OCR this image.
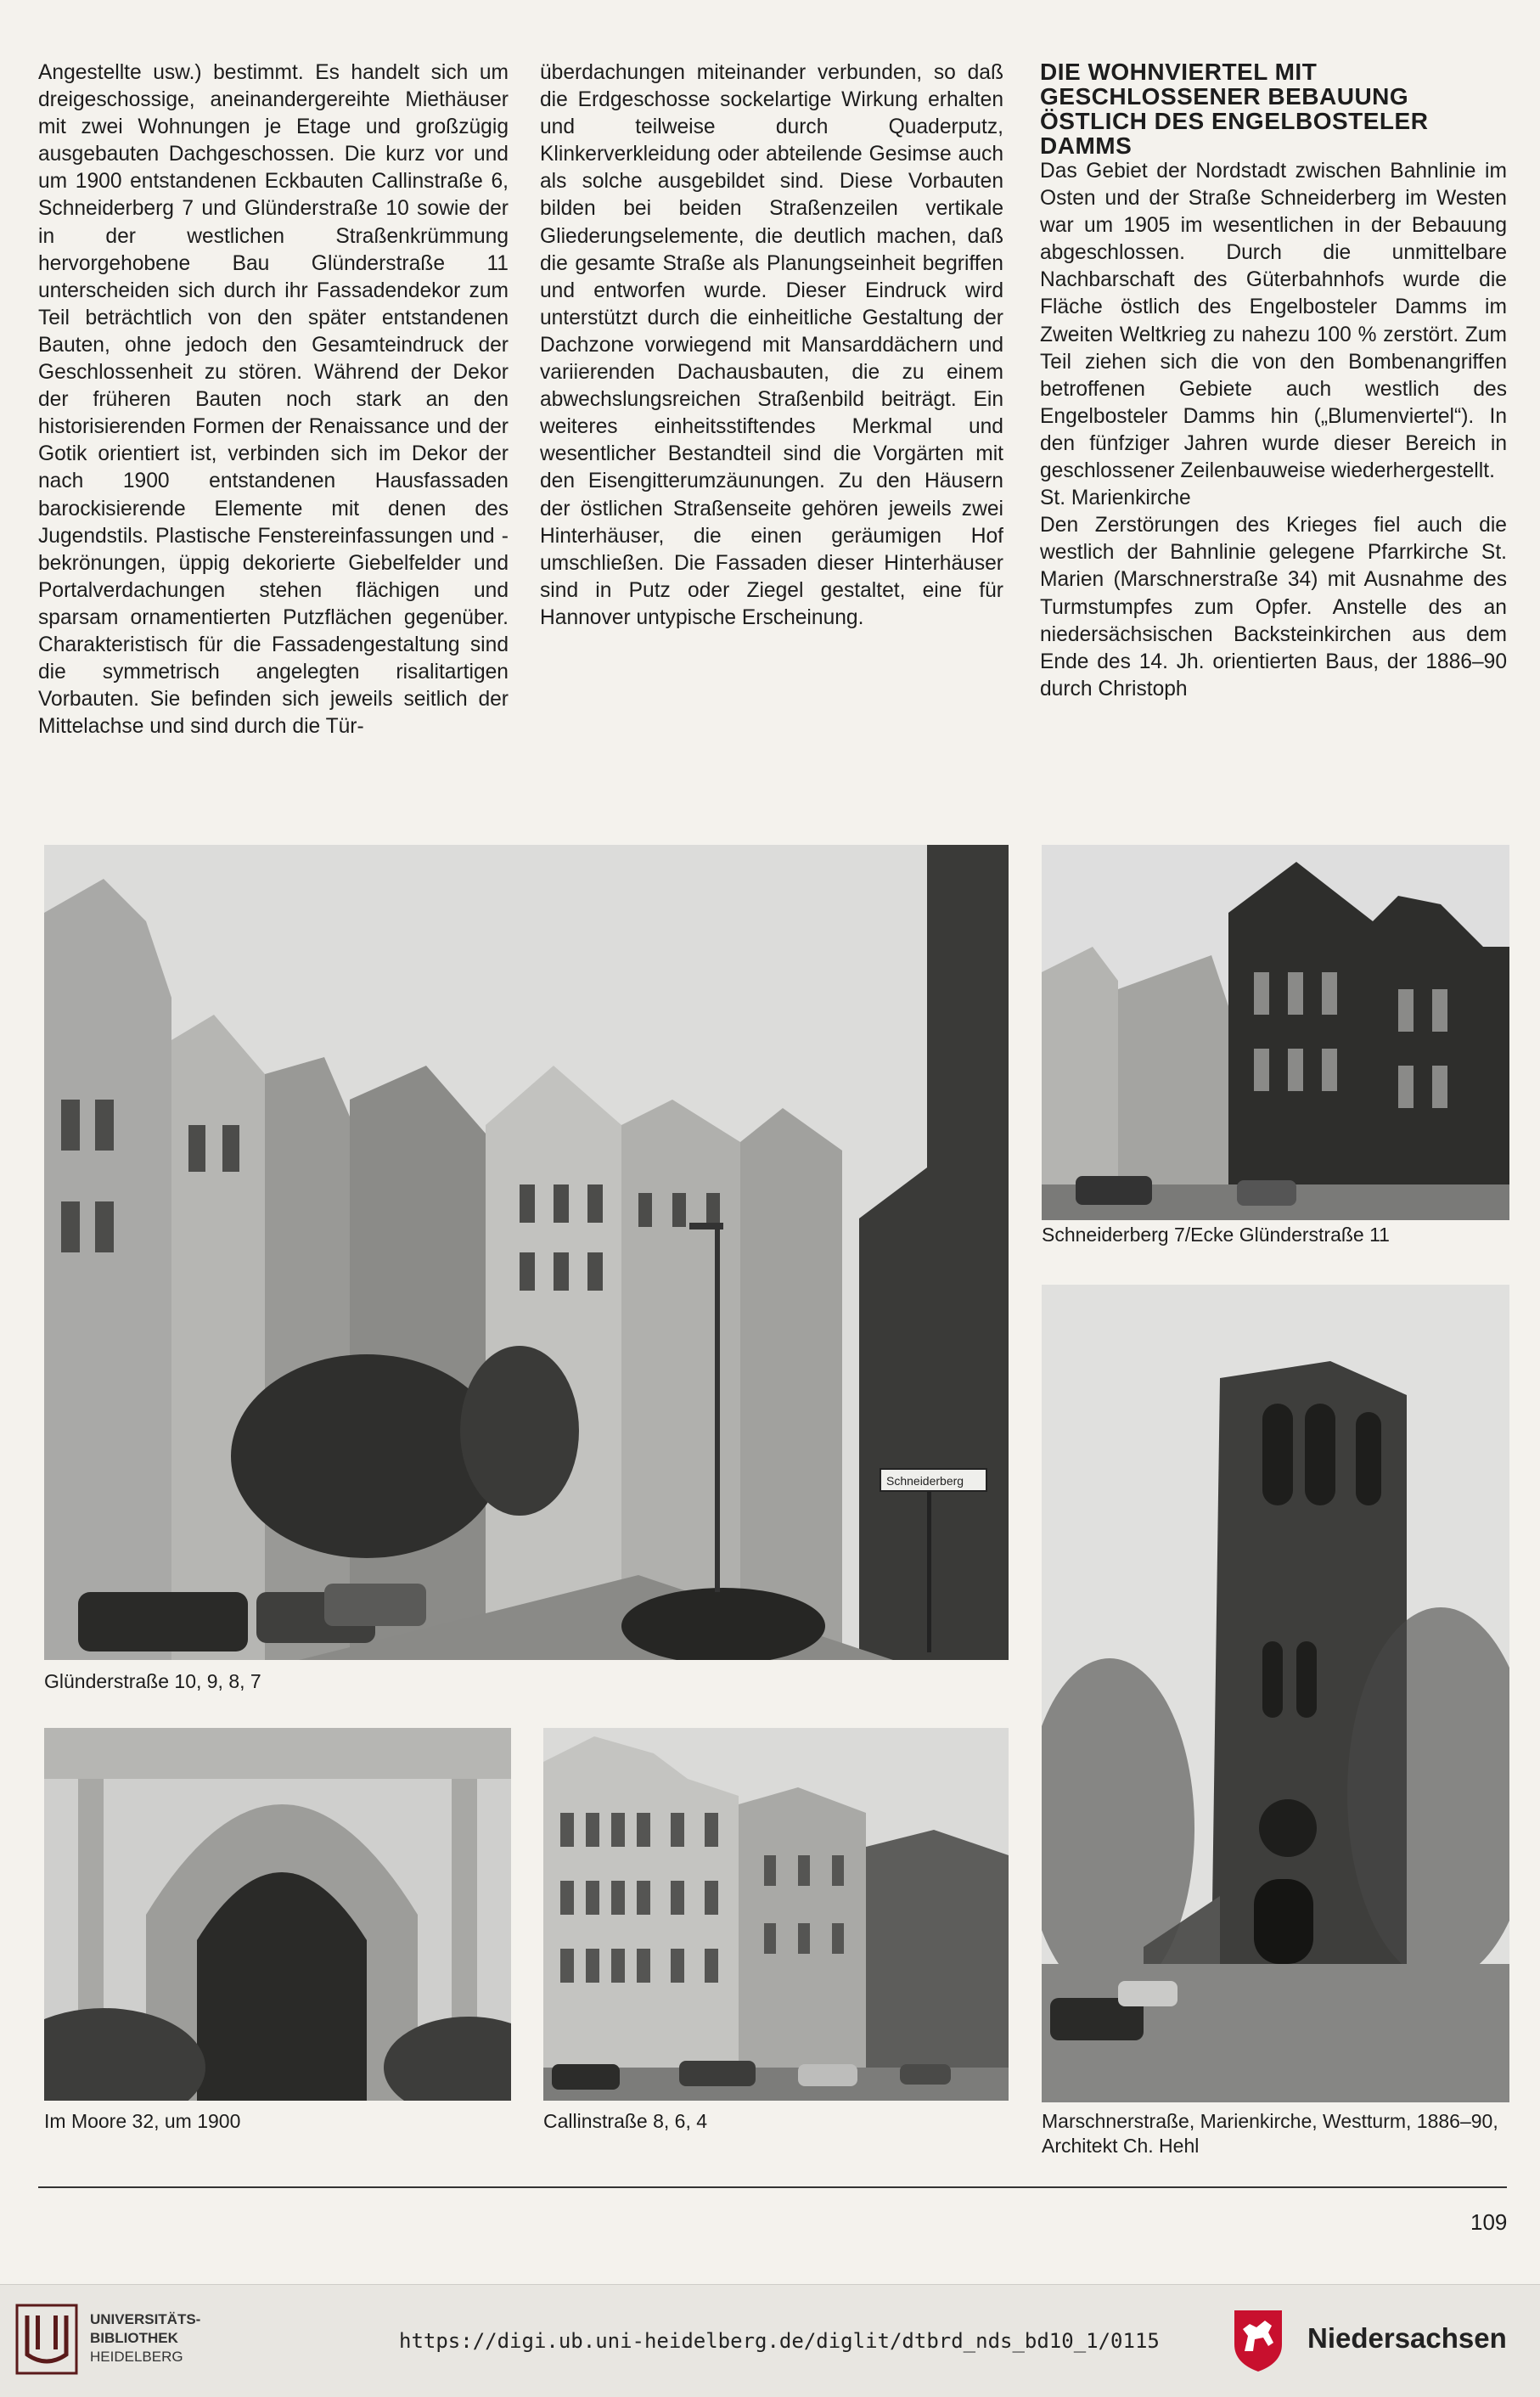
Angestellte usw.) bestimmt. Es handelt sich um dreigeschossige, aneinandergereihte Miethäuser mit zwei Wohnungen je Etage und großzügig ausgebauten Dachgeschossen. Die kurz vor und um 1900 entstandenen Eckbauten Callinstraße 6, Schneiderberg 7 und Glünderstraße 10 sowie der in der westlichen Straßenkrümmung hervorgehobene Bau Glünderstraße 11 unterscheiden sich durch ihr Fassadendekor zum Teil beträchtlich von den später entstandenen Bauten, ohne jedoch den Gesamteindruck der Geschlossenheit zu stören. Während der Dekor der früheren Bauten noch stark an den historisierenden Formen der Renaissance und der Gotik orientiert ist, verbinden sich im Dekor der nach 1900 entstandenen Hausfassaden barockisierende Elemente mit denen des Jugendstils. Plastische Fenstereinfassungen und -bekrönungen, üppig dekorierte Giebelfelder und Portalverdachungen stehen flächigen und sparsam ornamentierten Putzflächen gegenüber. Charakteristisch für die Fassadengestaltung sind die symmetrisch angelegten risalitartigen Vorbauten. Sie befinden sich jeweils seitlich der Mittelachse und sind durch die Tür-

überdachungen miteinander verbunden, so daß die Erdgeschosse sockelartige Wirkung erhalten und teilweise durch Quaderputz, Klinkerverkleidung oder abteilende Gesimse auch als solche ausgebildet sind. Diese Vorbauten bilden bei beiden Straßenzeilen vertikale Gliederungselemente, die deutlich machen, daß die gesamte Straße als Planungseinheit begriffen und entworfen wurde. Dieser Eindruck wird unterstützt durch die einheitliche Gestaltung der Dachzone vorwiegend mit Mansarddächern und variierenden Dachausbauten, die zu einem abwechslungsreichen Straßenbild beiträgt. Ein weiteres einheitsstiftendes Merkmal und wesentlicher Bestandteil sind die Vorgärten mit den Eisengitterumzäunungen. Zu den Häusern der östlichen Straßenseite gehören jeweils zwei Hinterhäuser, die einen geräumigen Hof umschließen. Die Fassaden dieser Hinterhäuser sind in Putz oder Ziegel gestaltet, eine für Hannover untypische Erscheinung.

DIE WOHNVIERTEL MIT GESCHLOSSENER BEBAUUNG ÖSTLICH DES ENGELBOSTELER DAMMS

Das Gebiet der Nordstadt zwischen Bahnlinie im Osten und der Straße Schneiderberg im Westen war um 1905 im wesentlichen in der Bebauung abgeschlossen. Durch die unmittelbare Nachbarschaft des Güterbahnhofs wurde die Fläche östlich des Engelbosteler Damms im Zweiten Weltkrieg zu nahezu 100 % zerstört. Zum Teil ziehen sich die von den Bombenangriffen betroffenen Gebiete auch westlich des Engelbosteler Damms hin („Blumenviertel“). In den fünfziger Jahren wurde dieser Bereich in geschlossener Zeilenbauweise wiederhergestellt.

St. Marienkirche

Den Zerstörungen des Krieges fiel auch die westlich der Bahnlinie gelegene Pfarrkirche St. Marien (Marschnerstraße 34) mit Ausnahme des Turmstumpfes zum Opfer. Anstelle des an niedersächsischen Backsteinkirchen aus dem Ende des 14. Jh. orientierten Baus, der 1886–90 durch Christoph

Schneiderberg
Glünderstraße 10, 9, 8, 7
Schneiderberg 7/Ecke Glünderstraße 11
Marschnerstraße, Marienkirche, Westturm, 1886–90, Architekt Ch. Hehl
Im Moore 32, um 1900	Callinstraße 8, 6, 4
109
UNIVERSITÄTS-
BIBLIOTHEK
HEIDELBERG
https://digi.ub.uni-heidelberg.de/diglit/dtbrd_nds_bd10_1/0115	Niedersachsen
